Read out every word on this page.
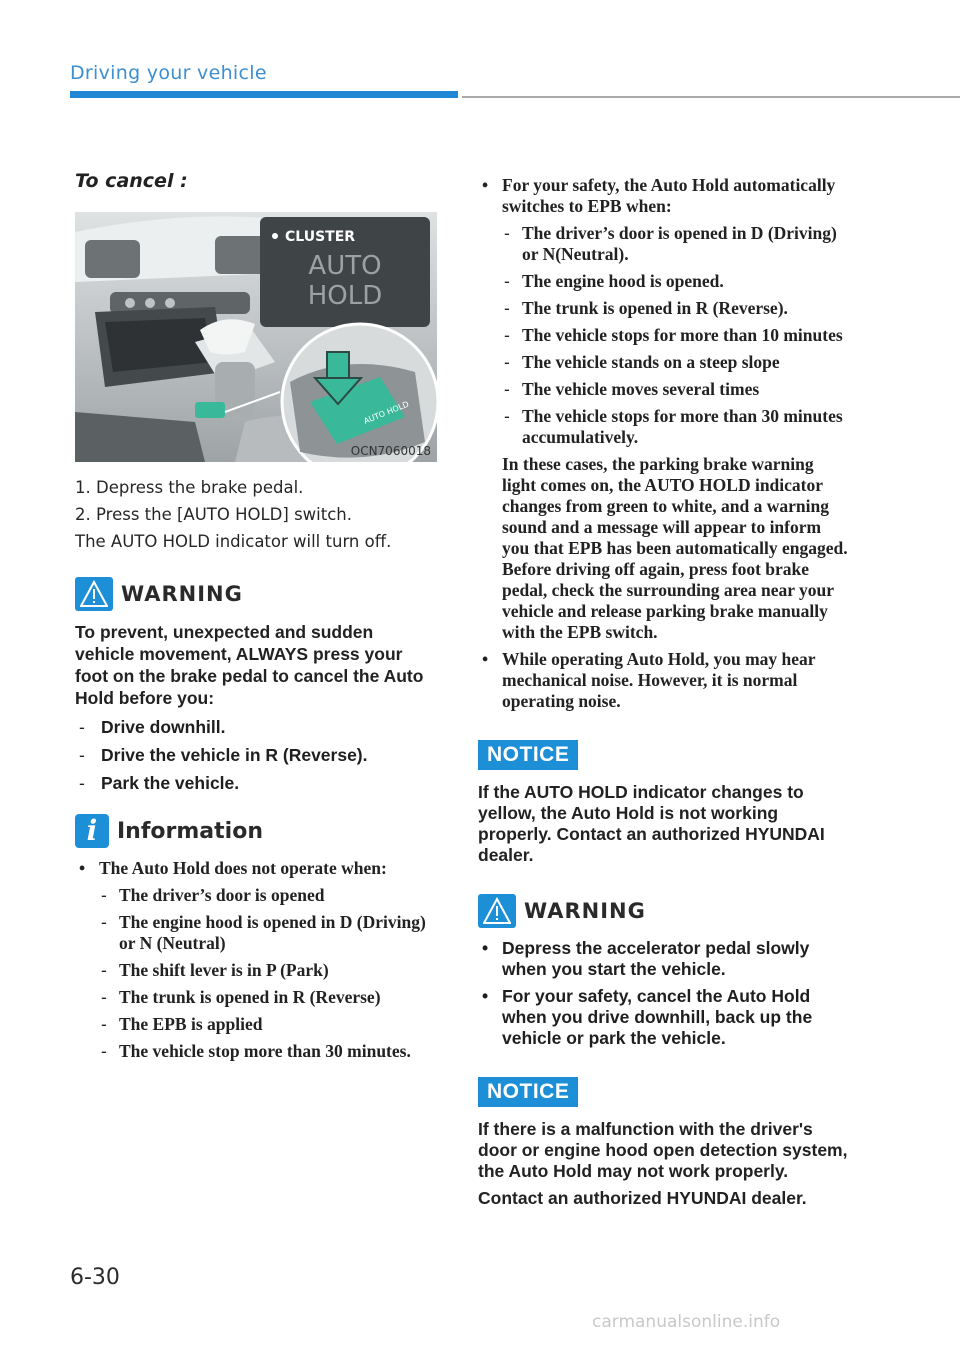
Driving your vehicle

To cancel :

CLUSTER
AUTO
HOLD
AUTO HOLD
OCN7060018

1. Depress the brake pedal.

2. Press the [AUTO HOLD] switch.

The AUTO HOLD indicator will turn off.

WARNING
To prevent, unexpected and sudden vehicle movement, ALWAYS press your foot on the brake pedal to cancel the Auto Hold before you:
- Drive downhill.
- Drive the vehicle in R (Reverse).
- Park the vehicle.
i Information
• The Auto Hold does not operate when:
- The driver’s door is opened
- The engine hood is opened in D (Driving) or N (Neutral)
- The shift lever is in P (Park)
- The trunk is opened in R (Reverse)
- The EPB is applied
- The vehicle stop more than 30 minutes.
• For your safety, the Auto Hold automatically switches to EPB when:
- The driver’s door is opened in D (Driving) or N(Neutral).
- The engine hood is opened.
- The trunk is opened in R (Reverse).
- The vehicle stops for more than 10 minutes
- The vehicle stands on a steep slope
- The vehicle moves several times
- The vehicle stops for more than 30 minutes accumulatively.
In these cases, the parking brake warning light comes on, the AUTO HOLD indicator changes from green to white, and a warning sound and a message will appear to inform you that EPB has been automatically engaged. Before driving off again, press foot brake pedal, check the surrounding area near your vehicle and release parking brake manually with the EPB switch.
• While operating Auto Hold, you may hear mechanical noise. However, it is normal operating noise.
NOTICE
If the AUTO HOLD indicator changes to yellow, the Auto Hold is not working properly. Contact an authorized HYUNDAI dealer.
WARNING
• Depress the accelerator pedal slowly when you start the vehicle.
• For your safety, cancel the Auto Hold when you drive downhill, back up the vehicle or park the vehicle.
NOTICE
If there is a malfunction with the driver's door or engine hood open detection system, the Auto Hold may not work properly.
Contact an authorized HYUNDAI dealer.
6-30
carmanualsonline.info
